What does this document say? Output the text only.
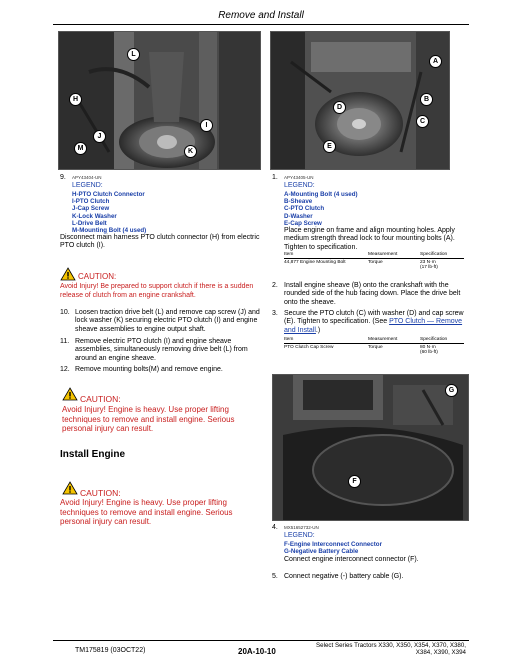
Remove and Install
L
H
J
I
M	K
A
B
D
C
E
9. APY43404-UN
LEGEND:
H-PTO Clutch Connector
I-PTO Clutch
J-Cap Screw
K-Lock Washer
L-Drive Belt
M-Mounting Bolt (4 used)
Disconnect main harness PTO clutch connector (H) from electric PTO clutch (I).
CAUTION:
Avoid Injury! Be prepared to support clutch if there is a sudden release of clutch from an engine crankshaft.
10. Loosen traction drive belt (L) and remove cap screw (J) and lock washer (K) securing electric PTO clutch (I) and engine sheave assemblies to engine output shaft.
11. Remove electric PTO clutch (I) and engine sheave assemblies, simultaneously removing drive belt (L) from around an engine sheave.
12. Remove mounting bolts(M) and remove engine.
CAUTION:
Avoid Injury! Engine is heavy. Use proper lifting techniques to remove and install engine. Serious personal injury can result.
Install Engine
CAUTION:
Avoid Injury! Engine is heavy. Use proper lifting techniques to remove and install engine. Serious personal injury can result.
1. APY43405-UN
LEGEND:
A-Mounting Bolt (4 used)
B-Sheave
C-PTO Clutch
D-Washer
E-Cap Screw
Place engine on frame and align mounting holes. Apply medium strength thread lock to four mounting bolts (A). Tighten to specification.
Item	Measurement	Specification
44,877 Engine Mounting Bolt	Torque	23 N·m
(17 lb-ft)
2. Install engine sheave (B) onto the crankshaft with the rounded side of the hub facing down. Place the drive belt onto the sheave.
3. Secure the PTO clutch (C) with washer (D) and cap screw (E). Tighten to specification. (See PTO Clutch — Remove and Install.)
Item	Measurement	Specification
PTO Clutch Cap Screw	Torque	80 N·m
(60 lb-ft)
G
F
4. MX51652732-UN
LEGEND:
F-Engine Interconnect Connector
G-Negative Battery Cable
Connect engine interconnect connector (F).
5. Connect negative (-) battery cable (G).
TM175819 (03OCT22)	20A-10-10
Select Series Tractors X330, X350, X354, X370, X380,
X384, X390, X394
